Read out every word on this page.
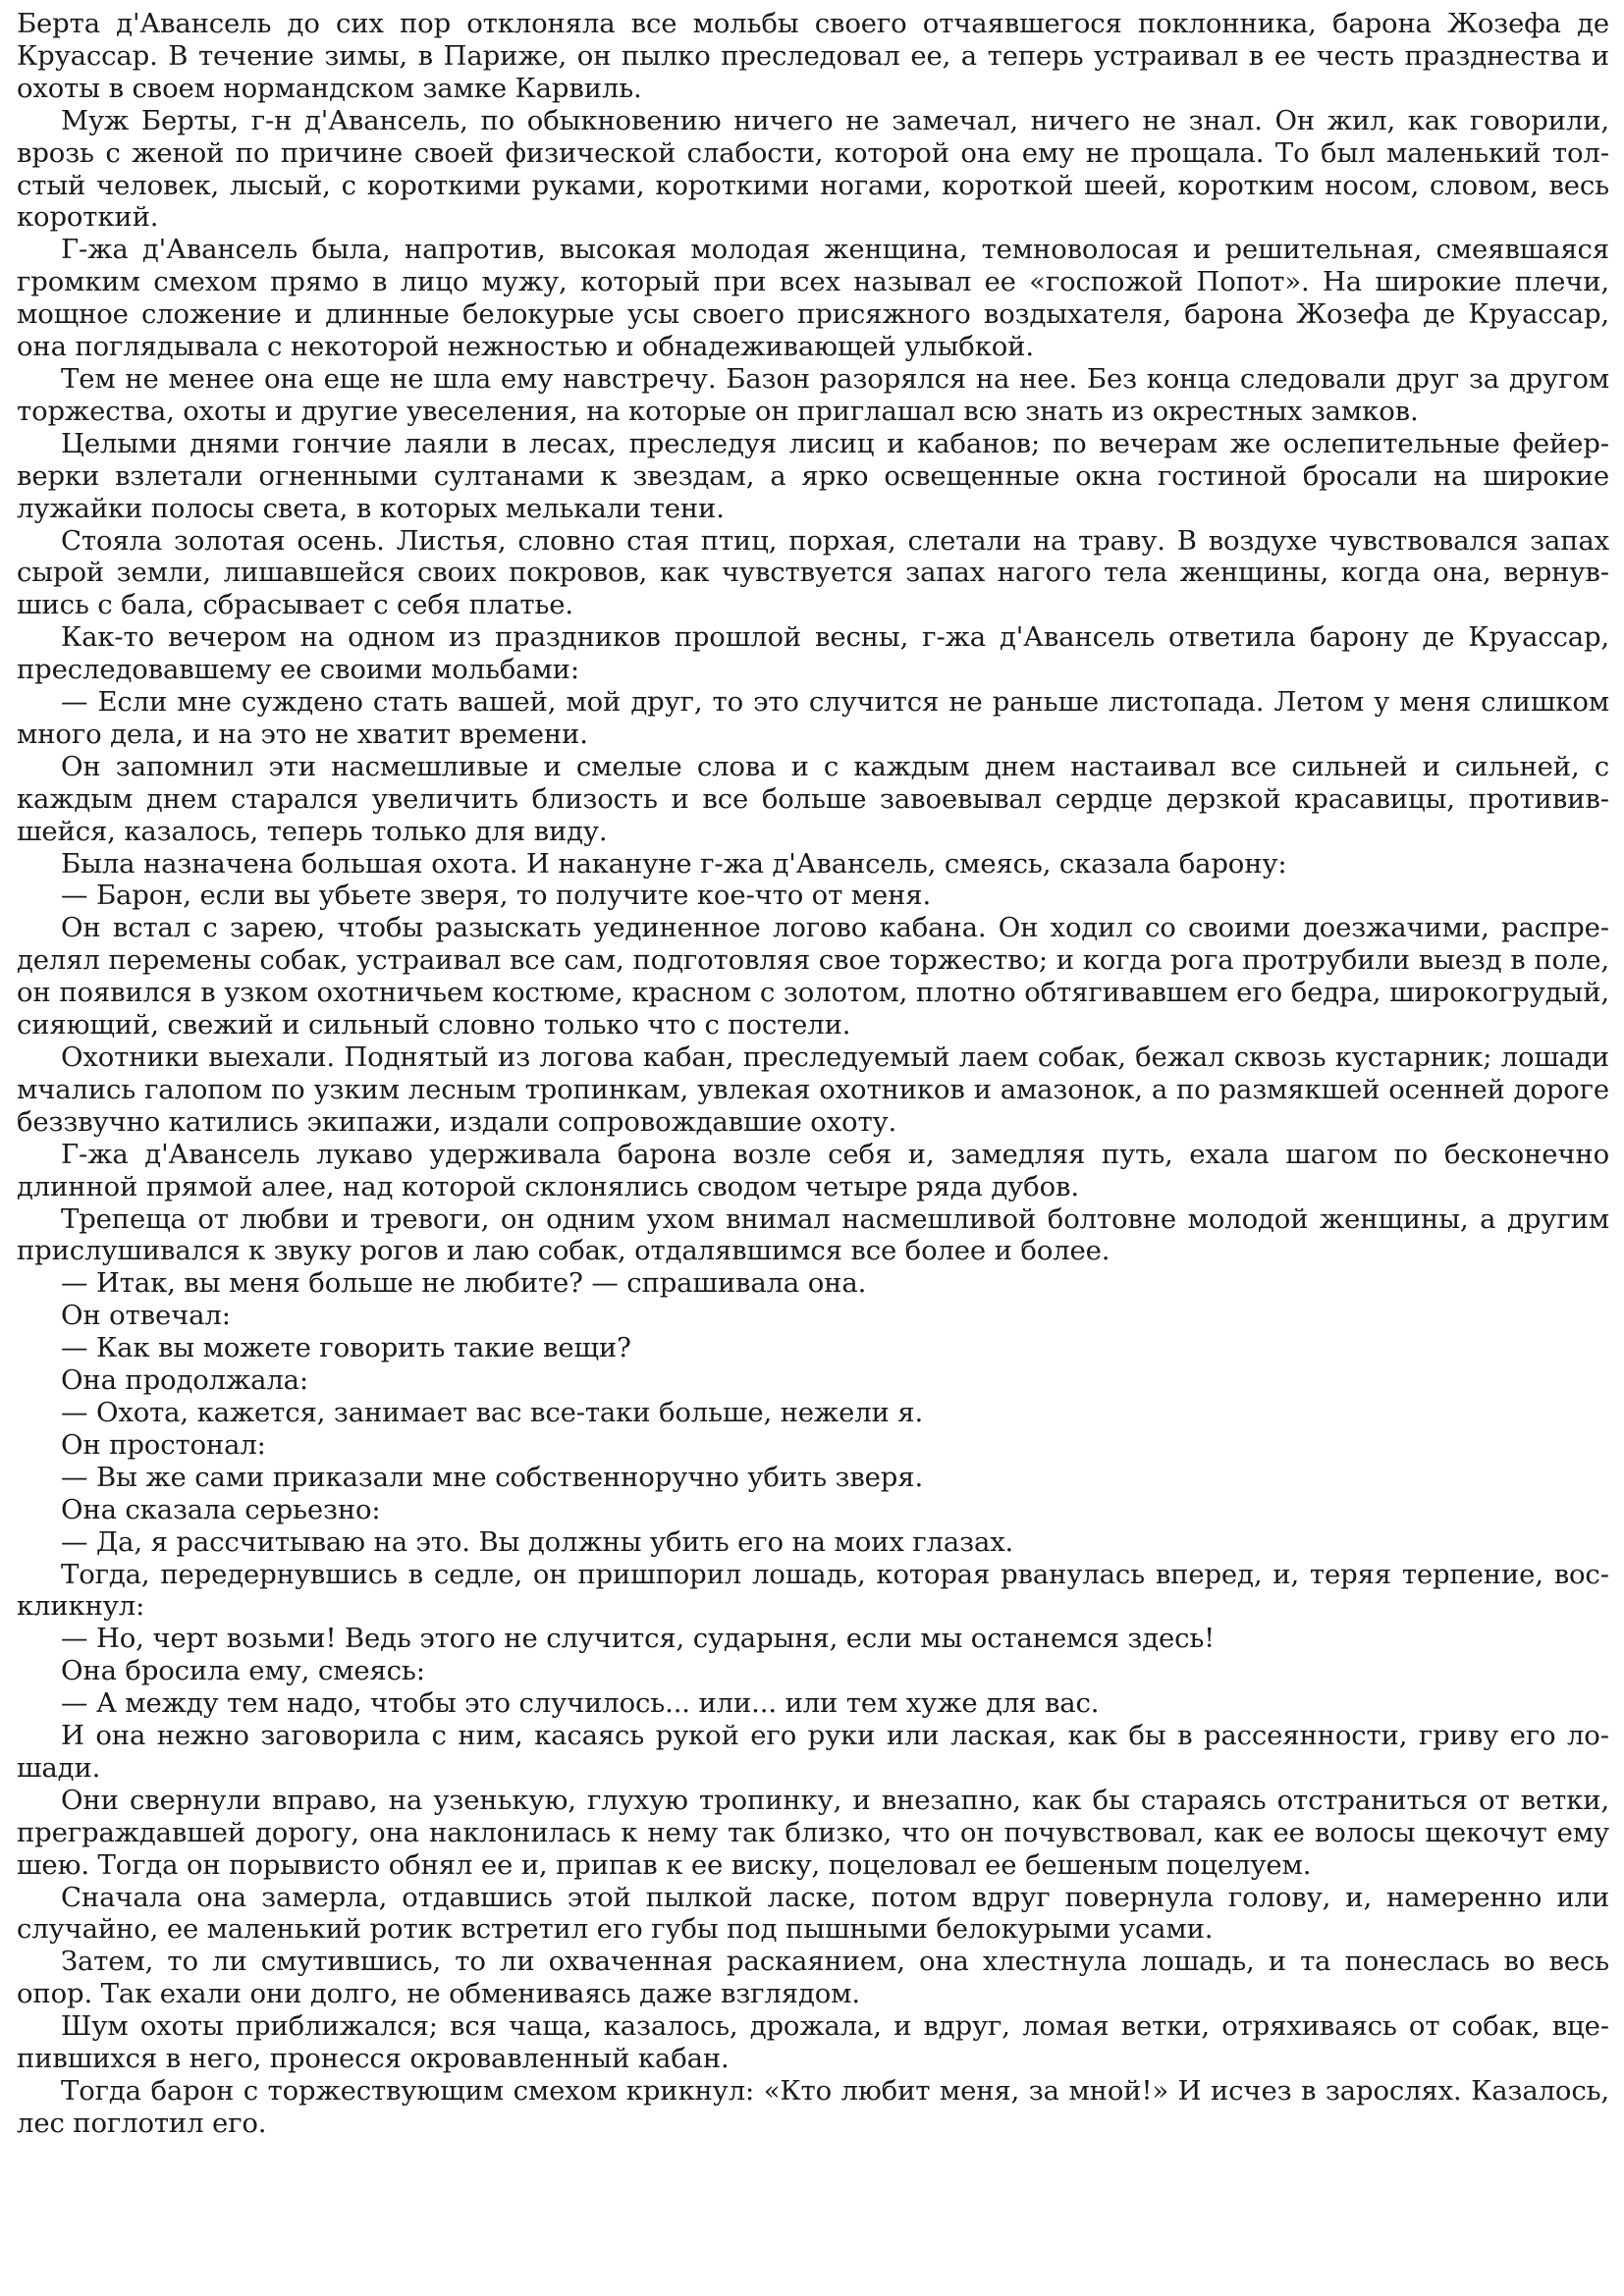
Берта д'Авансель до сих пор отклоняла все мольбы своего отчаявшегося поклонника, барона Жозефа де Круассар. В течение зимы, в Париже, он пылко преследовал ее, а теперь устраивал в ее честь празднества и охоты в своем нормандском замке Карвиль.

Муж Берты, г-н д'Авансель, по обыкновению ничего не замечал, ничего не знал. Он жил, как говорили, врозь с женой по причине своей физической слабости, которой она ему не прощала. То был маленький толстый человек, лысый, с короткими руками, короткими ногами, короткой шеей, коротким носом, словом, весь короткий.

Г-жа д'Авансель была, напротив, высокая молодая женщина, темноволосая и решительная, смеявшаяся громким смехом прямо в лицо мужу, который при всех называл ее «госпожой Попот». На широкие плечи, мощное сложение и длинные белокурые усы своего присяжного воздыхателя, барона Жозефа де Круассар, она поглядывала с некоторой нежностью и обнадеживающей улыбкой.

Тем не менее она еще не шла ему навстречу. Базон разорялся на нее. Без конца следовали друг за другом торжества, охоты и другие увеселения, на которые он приглашал всю знать из окрестных замков.

Целыми днями гончие лаяли в лесах, преследуя лисиц и кабанов; по вечерам же ослепительные фейерверки взлетали огненными султанами к звездам, а ярко освещенные окна гостиной бросали на широкие лужайки полосы света, в которых мелькали тени.

Стояла золотая осень. Листья, словно стая птиц, порхая, слетали на траву. В воздухе чувствовался запах сырой земли, лишавшейся своих покровов, как чувствуется запах нагого тела женщины, когда она, вернувшись с бала, сбрасывает с себя платье.

Как-то вечером на одном из праздников прошлой весны, г-жа д'Авансель ответила барону де Круассар, преследовавшему ее своими мольбами:

— Если мне суждено стать вашей, мой друг, то это случится не раньше листопада. Летом у меня слишком много дела, и на это не хватит времени.

Он запомнил эти насмешливые и смелые слова и с каждым днем настаивал все сильней и сильней, с каждым днем старался увеличить близость и все больше завоевывал сердце дерзкой красавицы, противившейся, казалось, теперь только для виду.

Была назначена большая охота. И накануне г-жа д'Авансель, смеясь, сказала барону:

— Барон, если вы убьете зверя, то получите кое-что от меня.

Он встал с зарею, чтобы разыскать уединенное логово кабана. Он ходил со своими доезжачими, распределял перемены собак, устраивал все сам, подготовляя свое торжество; и когда рога протрубили выезд в поле, он появился в узком охотничьем костюме, красном с золотом, плотно обтягивавшем его бедра, широкогрудый, сияющий, свежий и сильный словно только что с постели.

Охотники выехали. Поднятый из логова кабан, преследуемый лаем собак, бежал сквозь кустарник; лошади мчались галопом по узким лесным тропинкам, увлекая охотников и амазонок, а по размякшей осенней дороге беззвучно катились экипажи, издали сопровождавшие охоту.

Г-жа д'Авансель лукаво удерживала барона возле себя и, замедляя путь, ехала шагом по бесконечно длинной прямой алее, над которой склонялись сводом четыре ряда дубов.

Трепеща от любви и тревоги, он одним ухом внимал насмешливой болтовне молодой женщины, а другим прислушивался к звуку рогов и лаю собак, отдалявшимся все более и более.

— Итак, вы меня больше не любите? — спрашивала она.

Он отвечал:

— Как вы можете говорить такие вещи?

Она продолжала:

— Охота, кажется, занимает вас все-таки больше, нежели я.

Он простонал:

— Вы же сами приказали мне собственноручно убить зверя.

Она сказала серьезно:

— Да, я рассчитываю на это. Вы должны убить его на моих глазах.

Тогда, передернувшись в седле, он пришпорил лошадь, которая рванулась вперед, и, теряя терпение, воскликнул:

— Но, черт возьми! Ведь этого не случится, сударыня, если мы останемся здесь!

Она бросила ему, смеясь:

— А между тем надо, чтобы это случилось... или... или тем хуже для вас.

И она нежно заговорила с ним, касаясь рукой его руки или лаская, как бы в рассеянности, гриву его лошади.

Они свернули вправо, на узенькую, глухую тропинку, и внезапно, как бы стараясь отстраниться от ветки, преграждавшей дорогу, она наклонилась к нему так близко, что он почувствовал, как ее волосы щекочут ему шею. Тогда он порывисто обнял ее и, припав к ее виску, поцеловал ее бешеным поцелуем.

Сначала она замерла, отдавшись этой пылкой ласке, потом вдруг повернула голову, и, намеренно или случайно, ее маленький ротик встретил его губы под пышными белокурыми усами.

Затем, то ли смутившись, то ли охваченная раскаянием, она хлестнула лошадь, и та понеслась во весь опор. Так ехали они долго, не обмениваясь даже взглядом.

Шум охоты приближался; вся чаща, казалось, дрожала, и вдруг, ломая ветки, отряхиваясь от собак, вцепившихся в него, пронесся окровавленный кабан.

Тогда барон с торжествующим смехом крикнул: «Кто любит меня, за мной!» И исчез в зарослях. Казалось, лес поглотил его.
